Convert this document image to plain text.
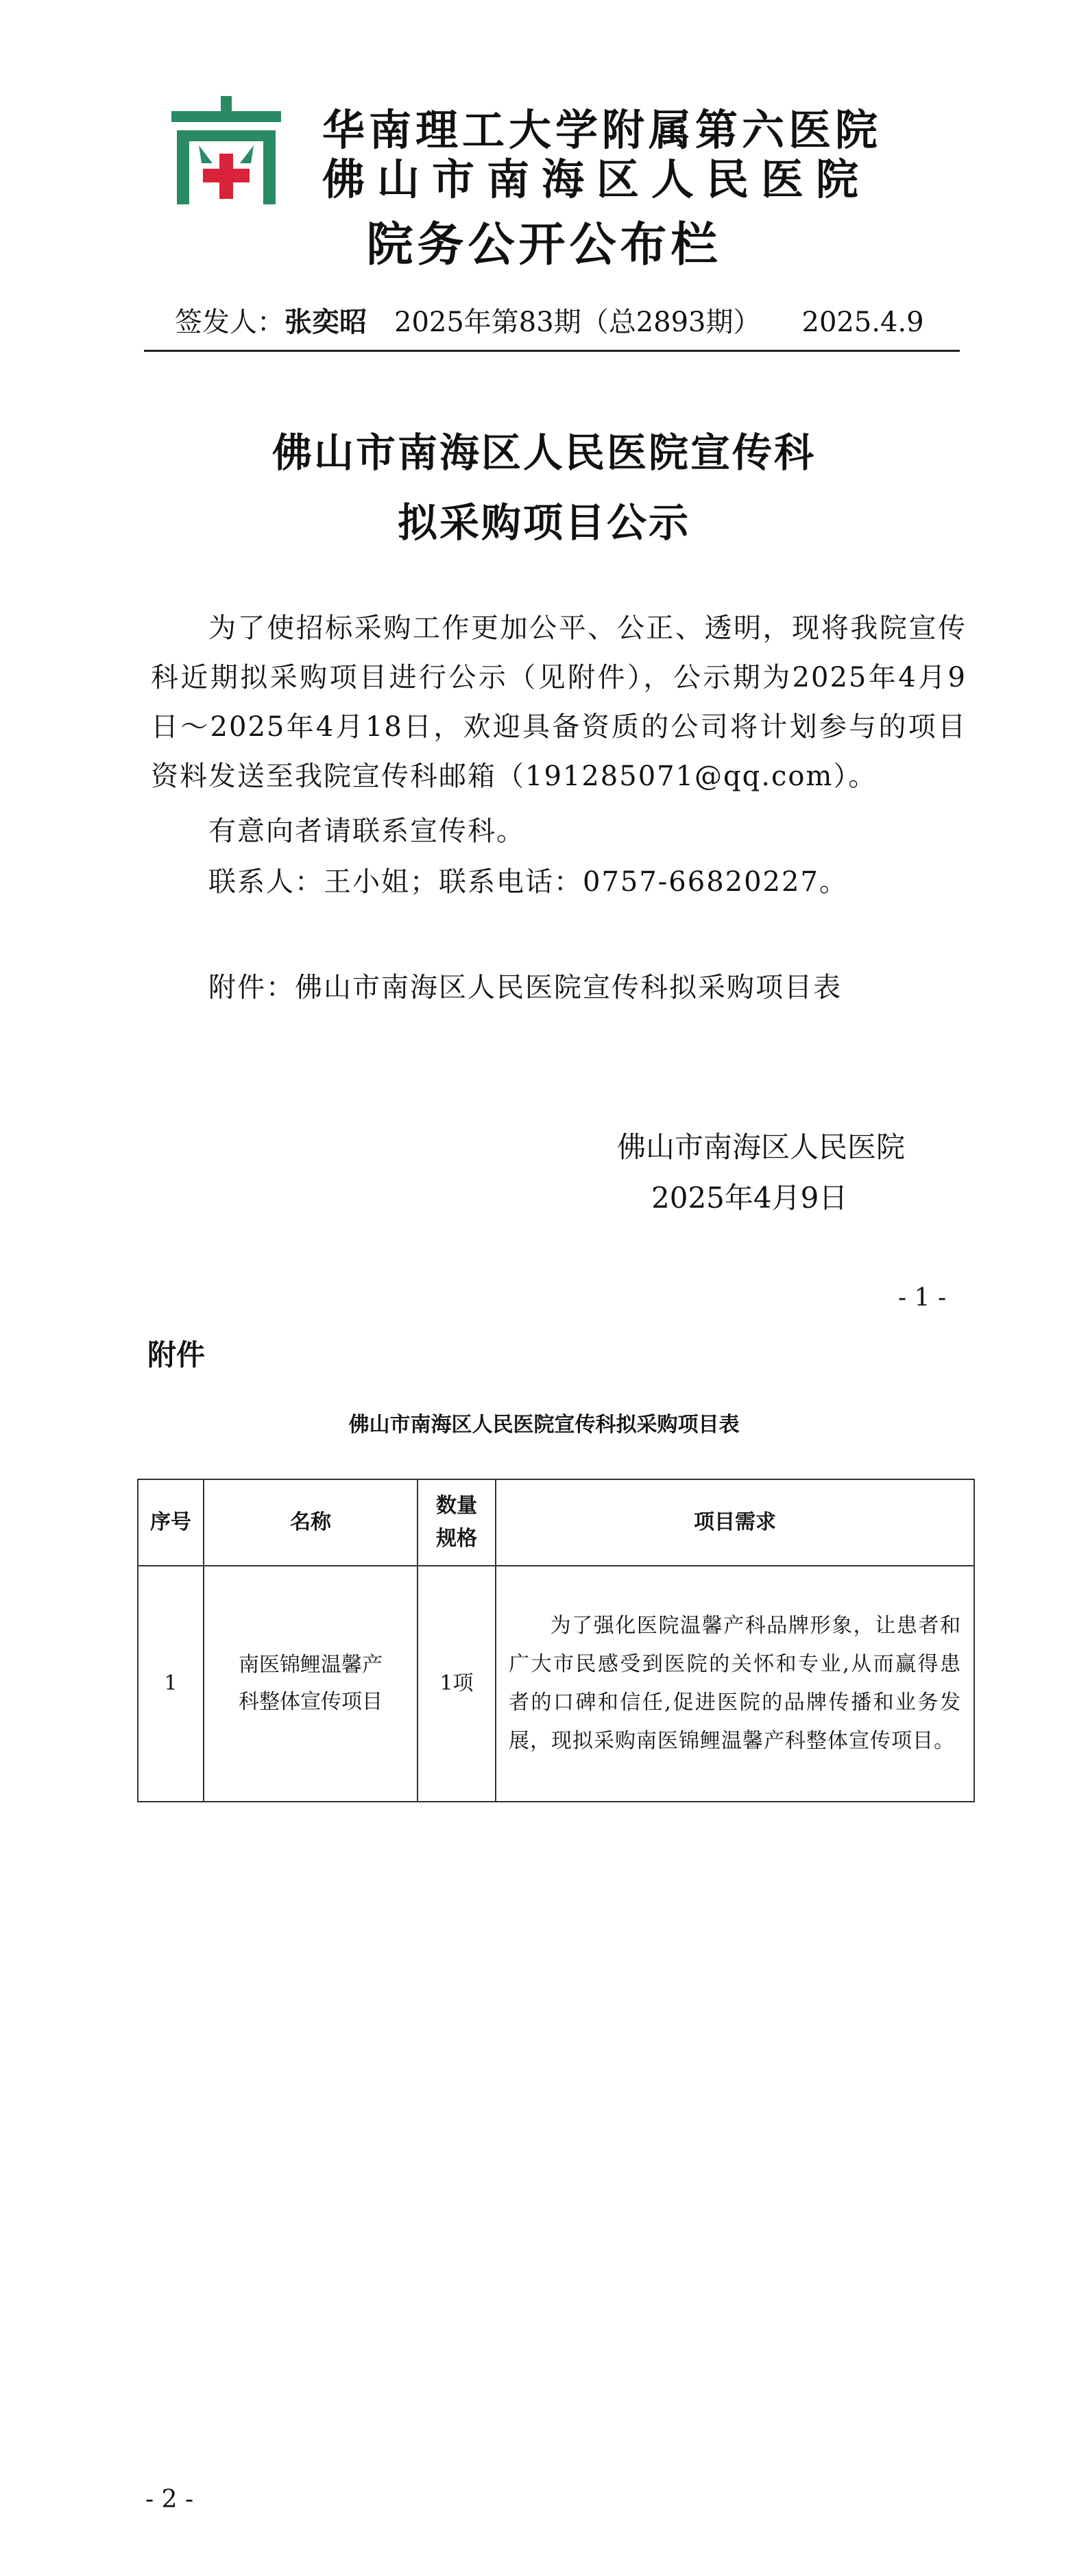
华南理工大学附属第六医院
佛山市南海区人民医院
院务公开公布栏
签发人：张奕昭 2025年第83期（总2893期） 2025.4.9
佛山市南海区人民医院宣传科
拟采购项目公示
为了使招标采购工作更加公平、公正、透明，现将我院宣传科近期拟采购项目进行公示（见附件），公示期为2025年4月9日～2025年4月18日，欢迎具备资质的公司将计划参与的项目资料发送至我院宣传科邮箱（191285071@qq.com）。
有意向者请联系宣传科。
联系人：王小姐；联系电话：0757-66820227。
附件：佛山市南海区人民医院宣传科拟采购项目表
佛山市南海区人民医院
2025年4月9日
- 1 -
附件
佛山市南海区人民医院宣传科拟采购项目表
序号	名称	数量规格	项目需求
1	南医锦鲤温馨产科整体宣传项目	1项	为了强化医院温馨产科品牌形象，让患者和广大市民感受到医院的关怀和专业,从而赢得患者的口碑和信任,促进医院的品牌传播和业务发展，现拟采购南医锦鲤温馨产科整体宣传项目。
- 2 -
